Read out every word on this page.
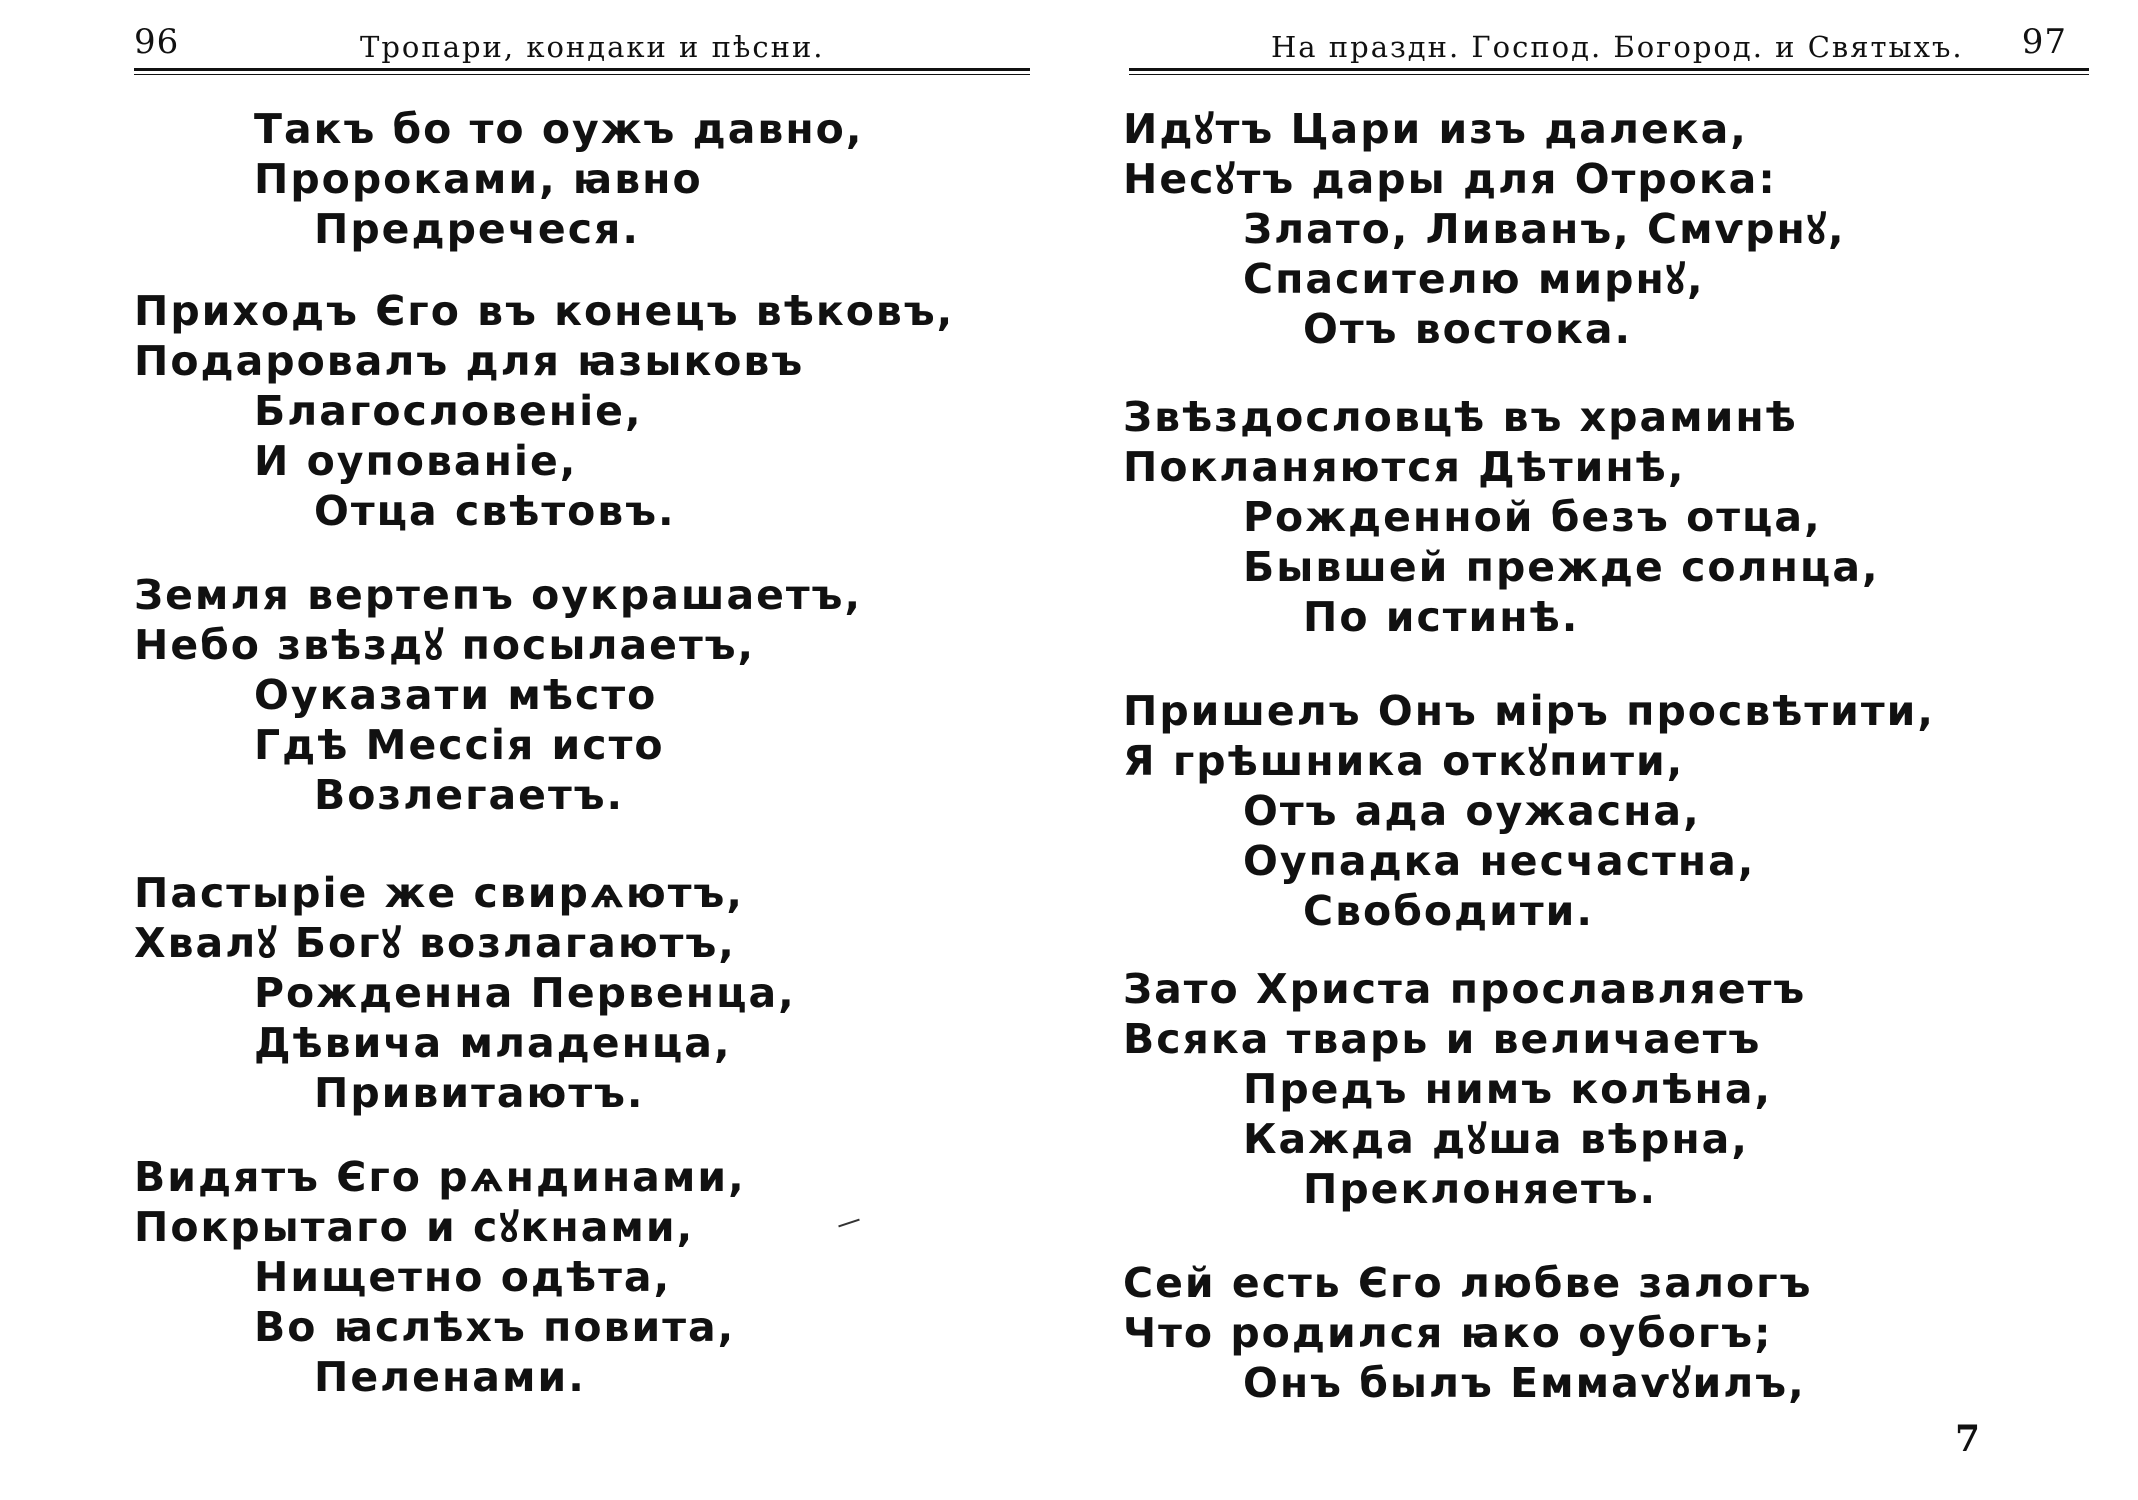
96	Тропари, кондаки и пѣсни.
Такъ бо то оужъ давно,
Пророками, ꙗвно
Предречеся.
Приходъ Єго въ конецъ вѣковъ,
Подаровалъ для ꙗзыковъ
Благословеніе,
И оупованіе,
Отца свѣтовъ.
Земля вертепъ оукрашаетъ,
Небо звѣздꙋ посылаетъ,
Оуказати мѣсто
Гдѣ Мессія исто
Возлегаетъ.
Пастыріе же свирѧютъ,
Хвалꙋ Богꙋ возлагаютъ,
Рожденна Первенца,
Дѣвича младенца,
Привитаютъ.
Видятъ Єго рѧндинами,
Покрытаго и сꙋкнами,
Нищетно одѣта,
Во ꙗслѣхъ повита,
Пеленами.
На праздн. Господ. Богород. и Святыхъ. 97
Идꙋтъ Цари изъ далека,
Несꙋтъ дары для Отрока:
Злато, Ливанъ, Смѵрнꙋ,
Спасителю мирнꙋ,
Отъ востока.
Звѣздословцѣ въ храминѣ
Покланяются Дѣтинѣ,
Рожденной безъ отца,
Бывшей прежде солнца,
По истинѣ.
Пришелъ Онъ міръ просвѣтити,
Я грѣшника откꙋпити,
Отъ ада оужасна,
Оупадка несчастна,
Свободити.
Зато Христа прославляетъ
Всяка тварь и величаетъ
Предъ нимъ колѣна,
Кажда дꙋша вѣрна,
Преклоняетъ.
Сей есть Єго любве залогъ
Что родился ꙗко оубогъ;
Онъ былъ Еммаѵꙋилъ,
7
